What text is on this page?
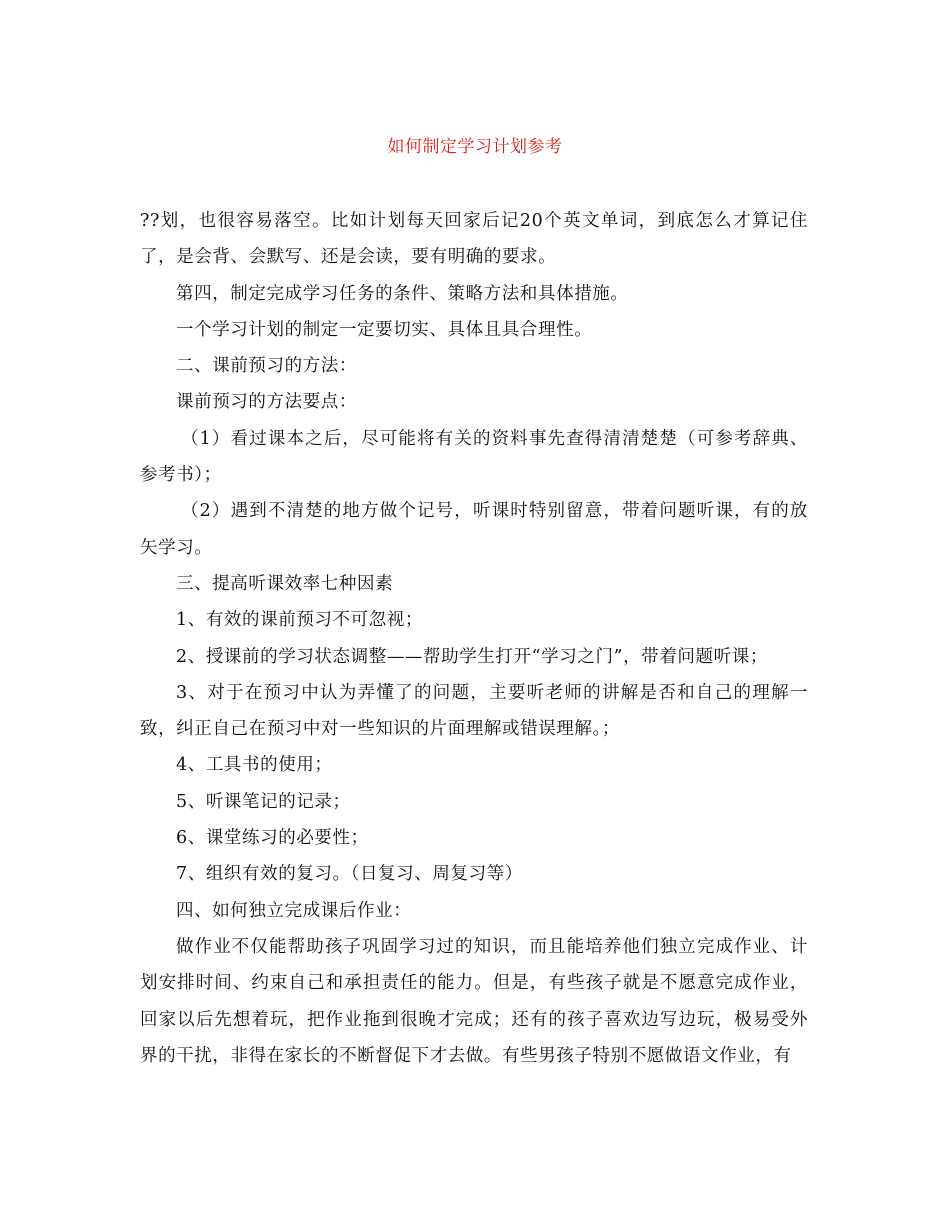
如何制定学习计划参考

??划，也很容易落空。比如计划每天回家后记20个英文单词，到底怎么才算记住了，是会背、会默写、还是会读，要有明确的要求。

第四，制定完成学习任务的条件、策略方法和具体措施。

一个学习计划的制定一定要切实、具体且具合理性。

二、课前预习的方法：

课前预习的方法要点：

（1）看过课本之后，尽可能将有关的资料事先查得清清楚楚（可参考辞典、参考书）；

（2）遇到不清楚的地方做个记号，听课时特别留意，带着问题听课，有的放矢学习。

三、提高听课效率七种因素

1、有效的课前预习不可忽视；

2、授课前的学习状态调整——帮助学生打开“学习之门”，带着问题听课；

3、对于在预习中认为弄懂了的问题，主要听老师的讲解是否和自己的理解一致，纠正自己在预习中对一些知识的片面理解或错误理解。；

4、工具书的使用；

5、听课笔记的记录；

6、课堂练习的必要性；

7、组织有效的复习。（日复习、周复习等）

四、如何独立完成课后作业：

做作业不仅能帮助孩子巩固学习过的知识，而且能培养他们独立完成作业、计划安排时间、约束自己和承担责任的能力。但是，有些孩子就是不愿意完成作业，回家以后先想着玩，把作业拖到很晚才完成；还有的孩子喜欢边写边玩，极易受外界的干扰，非得在家长的不断督促下才去做。有些男孩子特别不愿做语文作业，有
